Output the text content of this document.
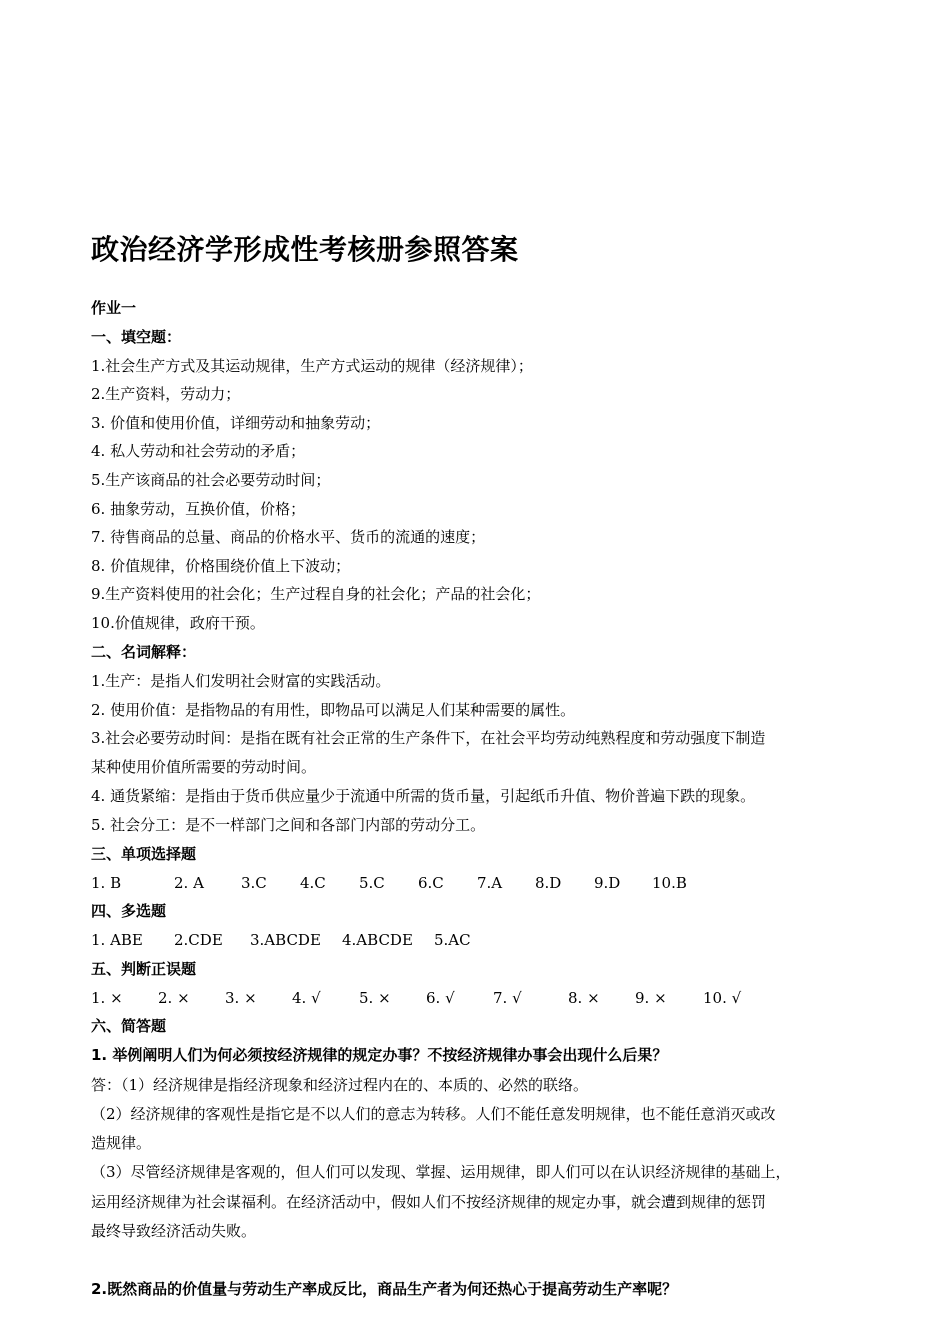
政治经济学形成性考核册参照答案
作业一
一、填空题：
1.社会生产方式及其运动规律，生产方式运动的规律（经济规律）；
2.生产资料，劳动力；
3. 价值和使用价值，详细劳动和抽象劳动；
4. 私人劳动和社会劳动的矛盾；
5.生产该商品的社会必要劳动时间；
6. 抽象劳动，互换价值，价格；
7. 待售商品的总量、商品的价格水平、货币的流通的速度；
8. 价值规律，价格围绕价值上下波动；
9.生产资料使用的社会化；生产过程自身的社会化；产品的社会化；
10.价值规律，政府干预。
二、名词解释：
1.生产：是指人们发明社会财富的实践活动。
2. 使用价值：是指物品的有用性，即物品可以满足人们某种需要的属性。
3.社会必要劳动时间：是指在既有社会正常的生产条件下，在社会平均劳动纯熟程度和劳动强度下制造
某种使用价值所需要的劳动时间。
4. 通货紧缩：是指由于货币供应量少于流通中所需的货币量，引起纸币升值、物价普遍下跌的现象。
5. 社会分工：是不一样部门之间和各部门内部的劳动分工。
三、单项选择题
1. B	2. A 3.C 4.C 5.C 6.C 7.A 8.D 9.D 10.B
四、多选题
1. ABE 2.CDE 3.ABCDE 4.ABCDE 5.AC
五、判断正误题
1. × 2. × 3. × 4. √	5. × 6. √	7. √	8. × 9. × 10. √
六、简答题
1. 举例阐明人们为何必须按经济规律的规定办事？不按经济规律办事会出现什么后果？
答：（1）经济规律是指经济现象和经济过程内在的、本质的、必然的联络。
（2）经济规律的客观性是指它是不以人们的意志为转移。人们不能任意发明规律，也不能任意消灭或改
造规律。
（3）尽管经济规律是客观的，但人们可以发现、掌握、运用规律，即人们可以在认识经济规律的基础上，
运用经济规律为社会谋福利。在经济活动中，假如人们不按经济规律的规定办事，就会遭到规律的惩罚
最终导致经济活动失败。
2.既然商品的价值量与劳动生产率成反比，商品生产者为何还热心于提高劳动生产率呢？
